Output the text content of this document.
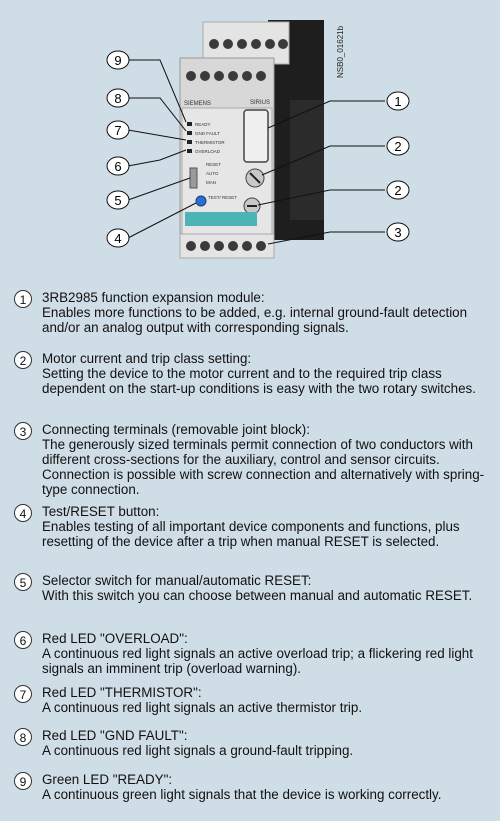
SIEMENS	SIRIUS
READY
GND FAULT
THERMISTOR
OVERLOAD
RESET
AUTO
MAN
TEST/ RESET
NSB0_01621b
9
8
7
6
5
4
1
2
2
3
1	3RB2985 function expansion module:
Enables more functions to be added, e.g. internal ground-fault detection and/or an analog output with corresponding signals.
2	Motor current and trip class setting:
Setting the device to the motor current and to the required trip class dependent on the start-up conditions is easy with the two rotary switches.
3	Connecting terminals (removable joint block):
The generously sized terminals permit connection of two conductors with different cross-sections for the auxiliary, control and sensor circuits. Connection is possible with screw connection and alternatively with spring-type connection.
4	Test/RESET button:
Enables testing of all important device components and functions, plus resetting of the device after a trip when manual RESET is selected.
5	Selector switch for manual/automatic RESET:
With this switch you can choose between manual and automatic RESET.
6	Red LED "OVERLOAD":
A continuous red light signals an active overload trip; a flickering red light signals an imminent trip (overload warning).
7	Red LED "THERMISTOR":
A continuous red light signals an active thermistor trip.
8	Red LED "GND FAULT":
A continuous red light signals a ground-fault tripping.
9	Green LED "READY":
A continuous green light signals that the device is working correctly.
